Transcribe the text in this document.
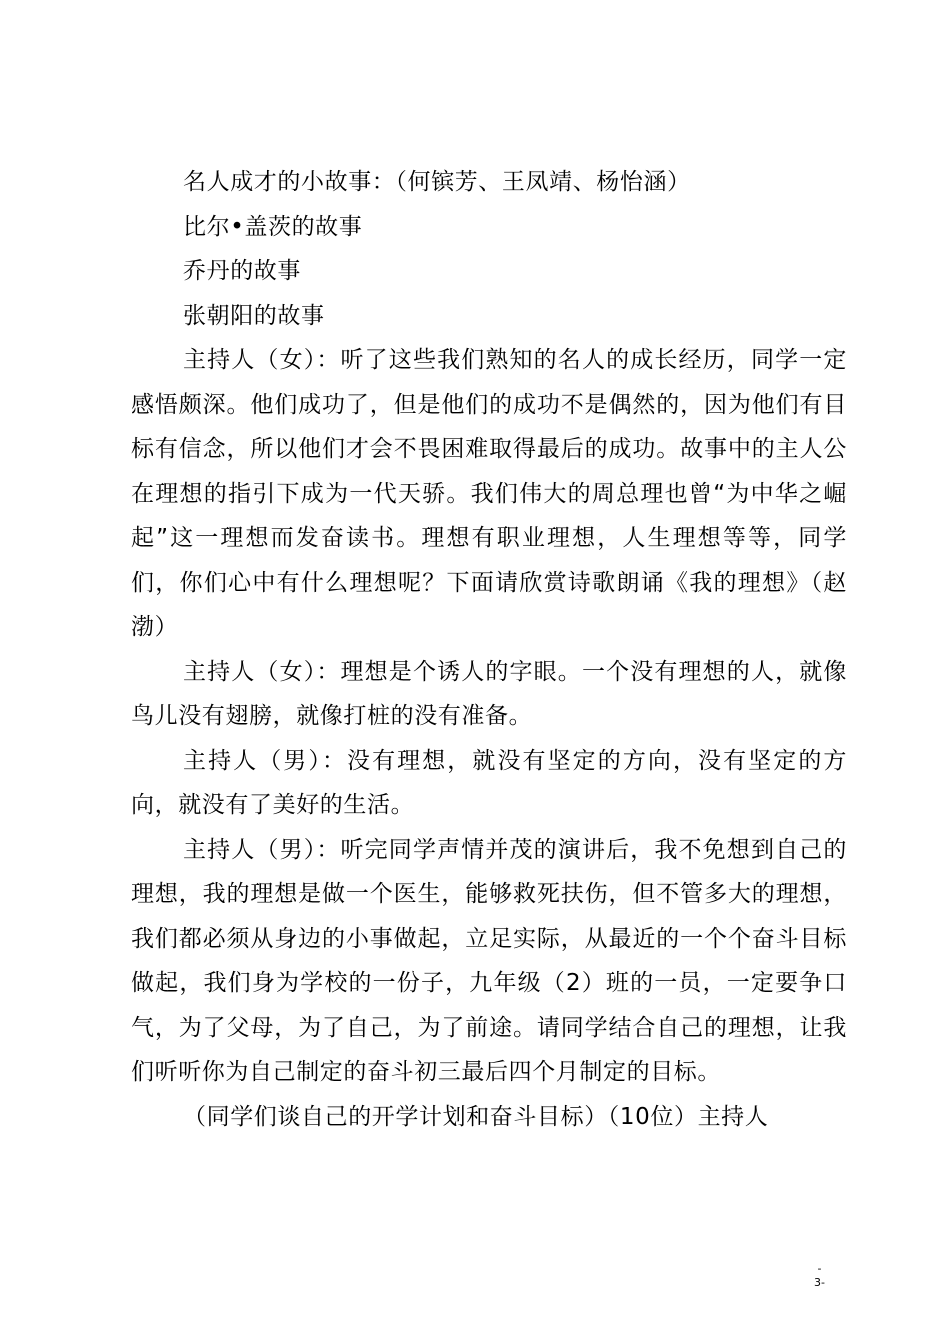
名人成才的小故事：（何镔芳、王凤靖、杨怡涵）

比尔•盖茨的故事

乔丹的故事

张朝阳的故事

主持人（女）：听了这些我们熟知的名人的成长经历，同学一定感悟颇深。他们成功了，但是他们的成功不是偶然的，因为他们有目标有信念，所以他们才会不畏困难取得最后的成功。故事中的主人公在理想的指引下成为一代天骄。我们伟大的周总理也曾“为中华之崛起”这一理想而发奋读书。理想有职业理想，人生理想等等，同学们，你们心中有什么理想呢？下面请欣赏诗歌朗诵《我的理想》（赵渤）

主持人（女）：理想是个诱人的字眼。一个没有理想的人，就像鸟儿没有翅膀，就像打桩的没有准备。

主持人（男）：没有理想，就没有坚定的方向，没有坚定的方向，就没有了美好的生活。

主持人（男）：听完同学声情并茂的演讲后，我不免想到自己的理想，我的理想是做一个医生，能够救死扶伤，但不管多大的理想，我们都必须从身边的小事做起，立足实际，从最近的一个个奋斗目标做起，我们身为学校的一份子，九年级（2）班的一员，一定要争口气，为了父母，为了自己，为了前途。请同学结合自己的理想，让我们听听你为自己制定的奋斗初三最后四个月制定的目标。

（同学们谈自己的开学计划和奋斗目标）（10位）主持人

-
3-
